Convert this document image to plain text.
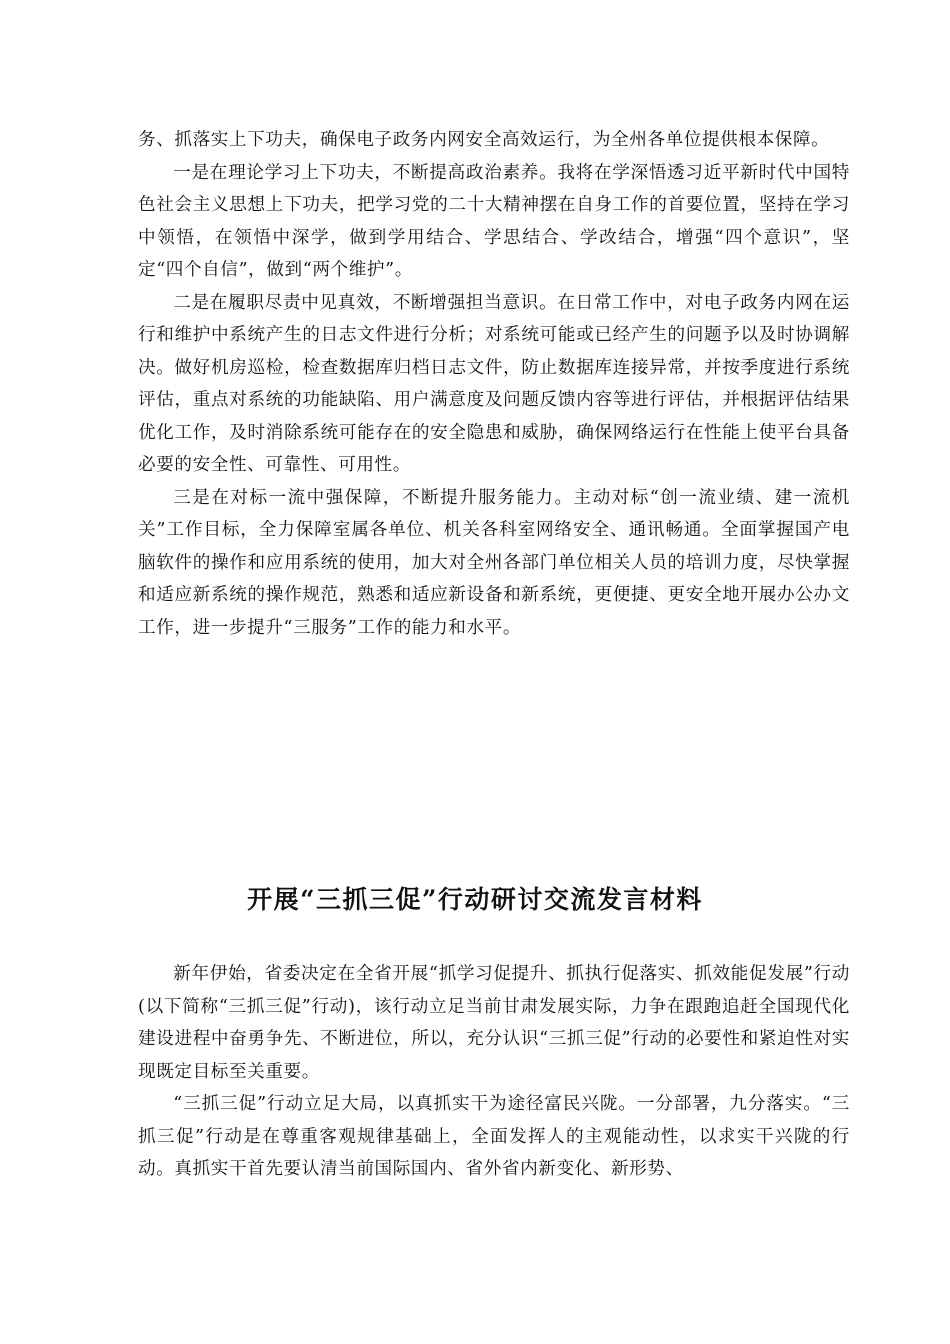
务、抓落实上下功夫，确保电子政务内网安全高效运行，为全州各单位提供根本保障。

一是在理论学习上下功夫，不断提高政治素养。我将在学深悟透习近平新时代中国特色社会主义思想上下功夫，把学习党的二十大精神摆在自身工作的首要位置，坚持在学习中领悟，在领悟中深学，做到学用结合、学思结合、学改结合，增强“四个意识”，坚定“四个自信”，做到“两个维护”。

二是在履职尽责中见真效，不断增强担当意识。在日常工作中，对电子政务内网在运行和维护中系统产生的日志文件进行分析；对系统可能或已经产生的问题予以及时协调解决。做好机房巡检，检查数据库归档日志文件，防止数据库连接异常，并按季度进行系统评估，重点对系统的功能缺陷、用户满意度及问题反馈内容等进行评估，并根据评估结果优化工作，及时消除系统可能存在的安全隐患和威胁，确保网络运行在性能上使平台具备必要的安全性、可靠性、可用性。

三是在对标一流中强保障，不断提升服务能力。主动对标“创一流业绩、建一流机关”工作目标，全力保障室属各单位、机关各科室网络安全、通讯畅通。全面掌握国产电脑软件的操作和应用系统的使用，加大对全州各部门单位相关人员的培训力度，尽快掌握和适应新系统的操作规范，熟悉和适应新设备和新系统，更便捷、更安全地开展办公办文工作，进一步提升“三服务”工作的能力和水平。

开展“三抓三促”行动研讨交流发言材料

新年伊始，省委决定在全省开展“抓学习促提升、抓执行促落实、抓效能促发展”行动(以下简称“三抓三促”行动)，该行动立足当前甘肃发展实际，力争在跟跑追赶全国现代化建设进程中奋勇争先、不断进位，所以，充分认识“三抓三促”行动的必要性和紧迫性对实现既定目标至关重要。

“三抓三促”行动立足大局，以真抓实干为途径富民兴陇。一分部署，九分落实。“三抓三促”行动是在尊重客观规律基础上，全面发挥人的主观能动性，以求实干兴陇的行动。真抓实干首先要认清当前国际国内、省外省内新变化、新形势、
